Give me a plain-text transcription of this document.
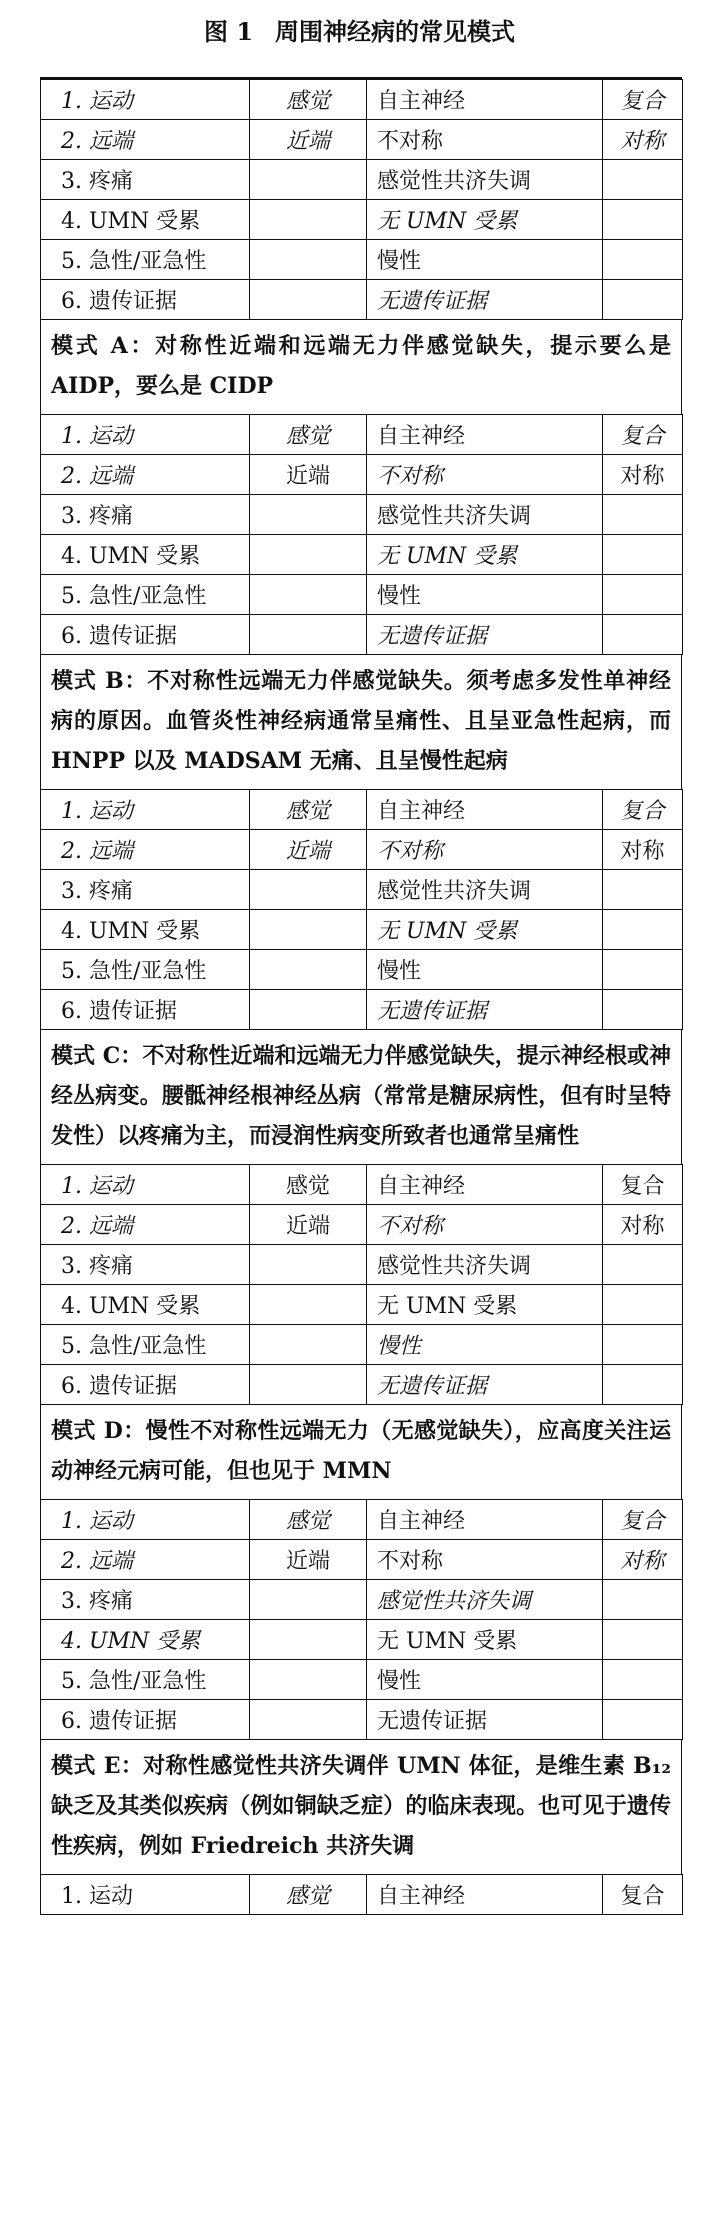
图 1 周围神经病的常见模式
1. 运动	感觉	自主神经	复合
2. 远端	近端	不对称	对称
3. 疼痛		感觉性共济失调	
4. UMN 受累		无 UMN 受累	
5. 急性/亚急性		慢性	
6. 遗传证据		无遗传证据	
模式 A：对称性近端和远端无力伴感觉缺失，提示要么是 AIDP，要么是 CIDP
1. 运动	感觉	自主神经	复合
2. 远端	近端	不对称	对称
3. 疼痛		感觉性共济失调	
4. UMN 受累		无 UMN 受累	
5. 急性/亚急性		慢性	
6. 遗传证据		无遗传证据	
模式 B：不对称性远端无力伴感觉缺失。须考虑多发性单神经病的原因。血管炎性神经病通常呈痛性、且呈亚急性起病，而 HNPP 以及 MADSAM 无痛、且呈慢性起病
1. 运动	感觉	自主神经	复合
2. 远端	近端	不对称	对称
3. 疼痛		感觉性共济失调	
4. UMN 受累		无 UMN 受累	
5. 急性/亚急性		慢性	
6. 遗传证据		无遗传证据	
模式 C：不对称性近端和远端无力伴感觉缺失，提示神经根或神经丛病变。腰骶神经根神经丛病（常常是糖尿病性，但有时呈特发性）以疼痛为主，而浸润性病变所致者也通常呈痛性
1. 运动	感觉	自主神经	复合
2. 远端	近端	不对称	对称
3. 疼痛		感觉性共济失调	
4. UMN 受累		无 UMN 受累	
5. 急性/亚急性		慢性	
6. 遗传证据		无遗传证据	
模式 D：慢性不对称性远端无力（无感觉缺失），应高度关注运动神经元病可能，但也见于 MMN
1. 运动	感觉	自主神经	复合
2. 远端	近端	不对称	对称
3. 疼痛		感觉性共济失调	
4. UMN 受累		无 UMN 受累	
5. 急性/亚急性		慢性	
6. 遗传证据		无遗传证据	
模式 E：对称性感觉性共济失调伴 UMN 体征，是维生素 B₁₂ 缺乏及其类似疾病（例如铜缺乏症）的临床表现。也可见于遗传性疾病，例如 Friedreich 共济失调
1. 运动	感觉	自主神经	复合
